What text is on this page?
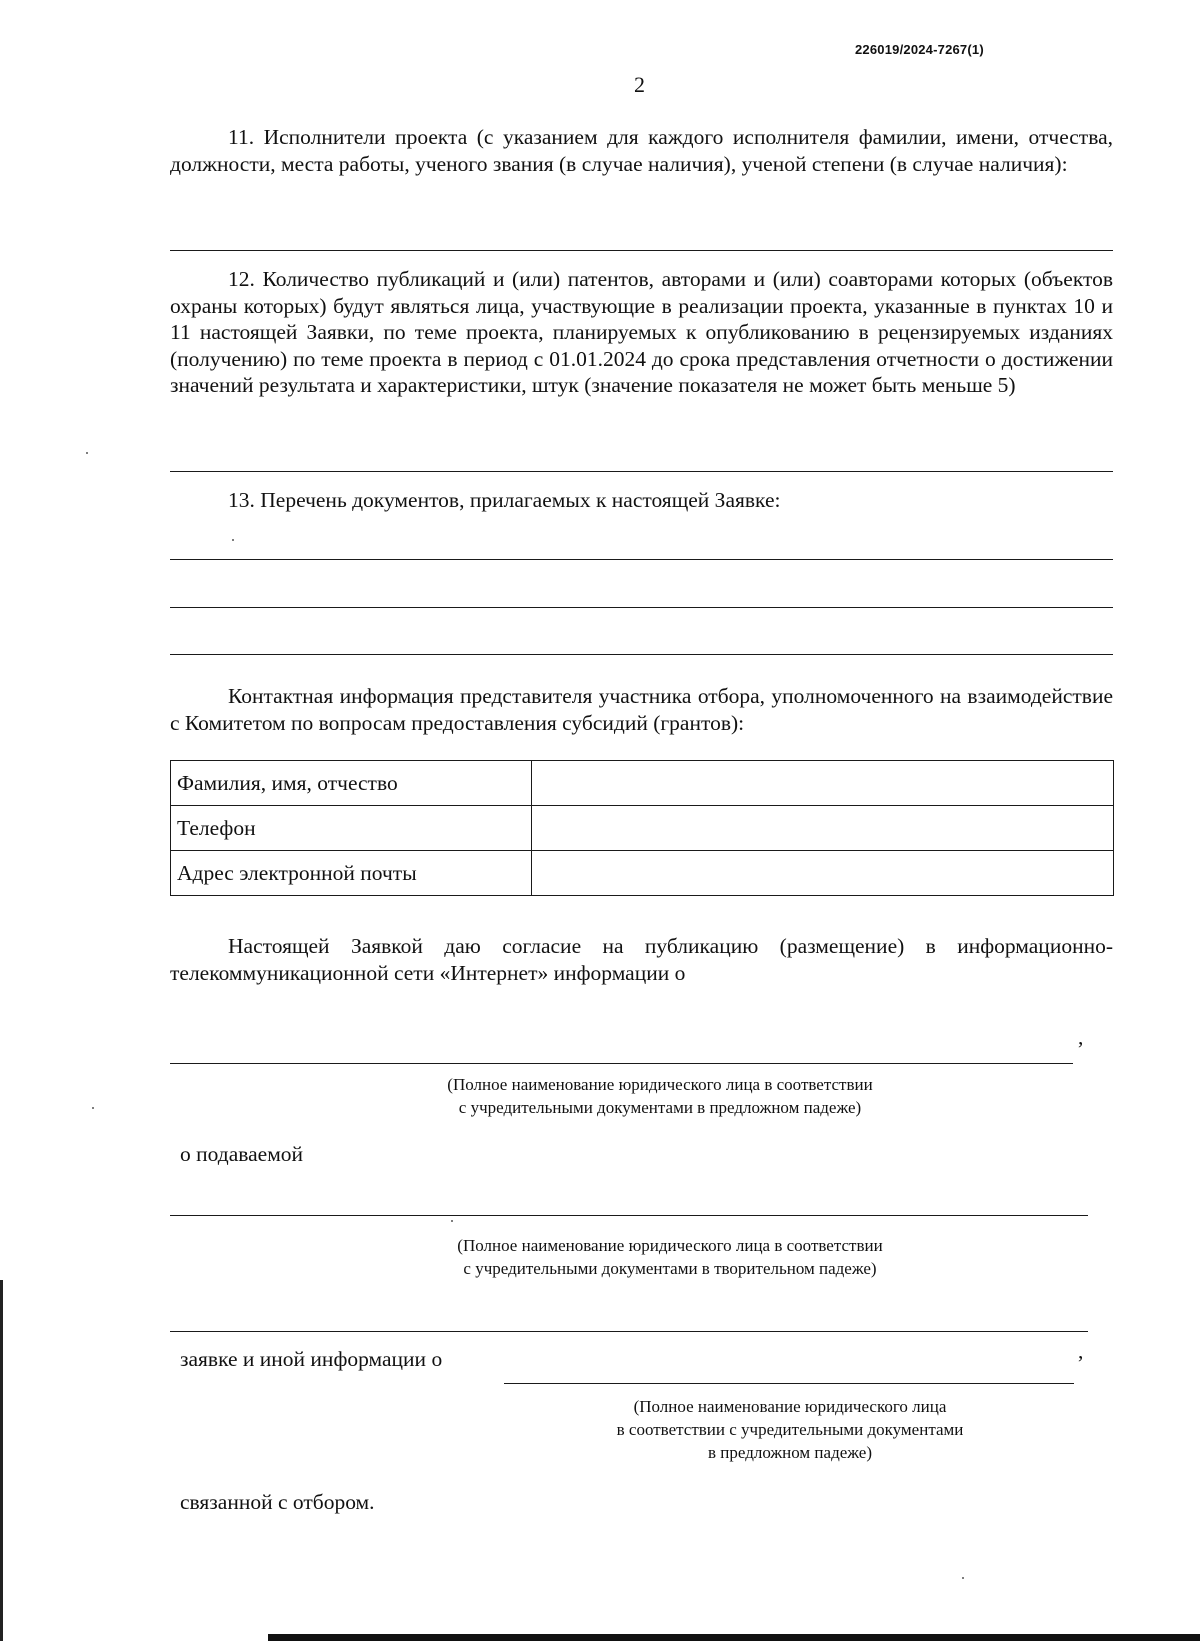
226019/2024-7267(1)
2

11. Исполнители проекта (с указанием для каждого исполнителя фамилии, имени, отчества, должности, места работы, ученого звания (в случае наличия), ученой степени (в случае наличия):

12. Количество публикаций и (или) патентов, авторами и (или) соавторами которых (объектов охраны которых) будут являться лица, участвующие в реализации проекта, указанные в пунктах 10 и 11 настоящей Заявки, по теме проекта, планируемых к опубликованию в рецензируемых изданиях (получению) по теме проекта в период с 01.01.2024 до срока представления отчетности о достижении значений результата и характеристики, штук (значение показателя не может быть меньше 5)

13. Перечень документов, прилагаемых к настоящей Заявке:

Контактная информация представителя участника отбора, уполномоченного на взаимодействие с Комитетом по вопросам предоставления субсидий (грантов):

Фамилия, имя, отчество	
Телефон	
Адрес электронной почты	

Настоящей Заявкой даю согласие на публикацию (размещение) в информационно-телекоммуникационной сети «Интернет» информации о

,
(Полное наименование юридического лица в соответствии
с учредительными документами в предложном падеже)
о подаваемой
(Полное наименование юридического лица в соответствии
с учредительными документами в творительном падеже)
заявке и иной информации о	,
(Полное наименование юридического лица
в соответствии с учредительными документами
в предложном падеже)
связанной с отбором.
